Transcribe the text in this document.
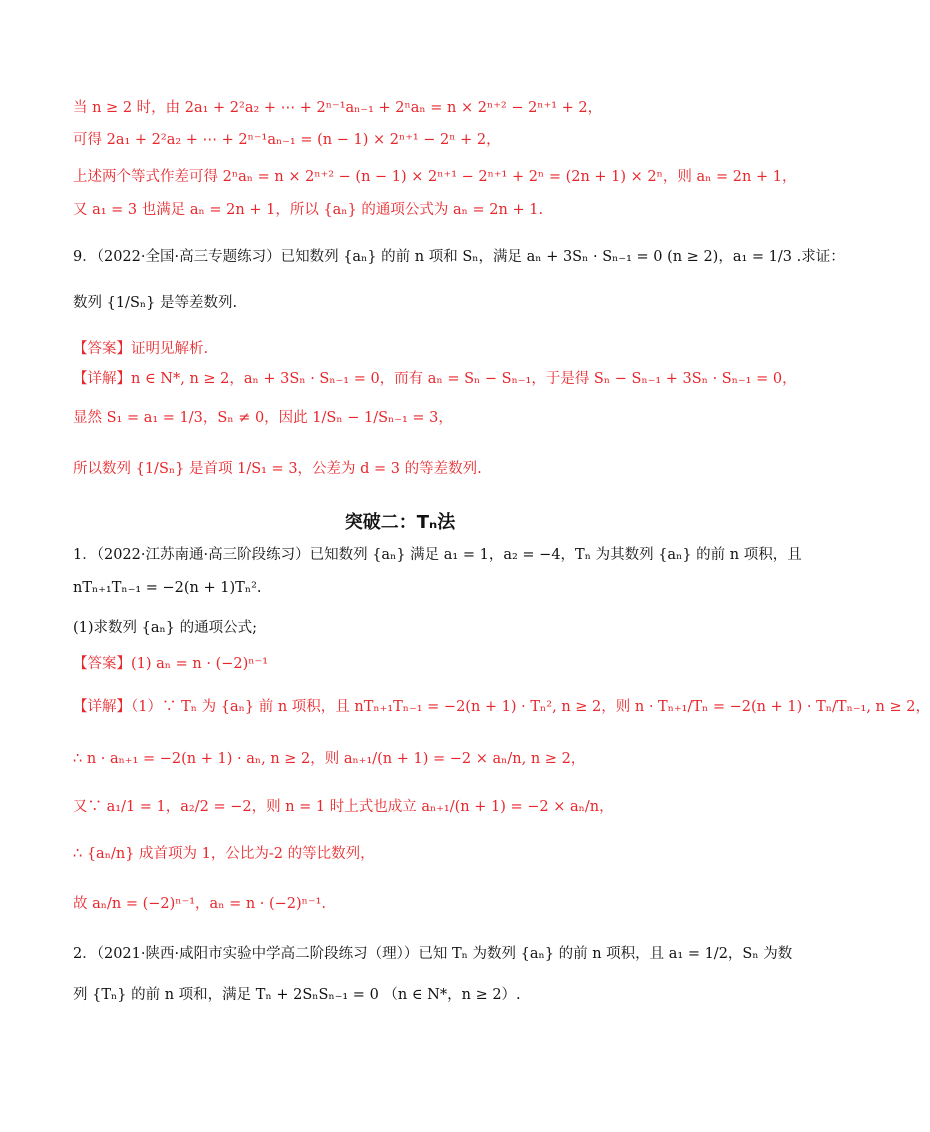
当 n ≥ 2 时，由 2a₁ + 2²a₂ + ⋯ + 2ⁿ⁻¹aₙ₋₁ + 2ⁿaₙ = n × 2ⁿ⁺² − 2ⁿ⁺¹ + 2，
可得 2a₁ + 2²a₂ + ⋯ + 2ⁿ⁻¹aₙ₋₁ = (n − 1) × 2ⁿ⁺¹ − 2ⁿ + 2，
上述两个等式作差可得 2ⁿaₙ = n × 2ⁿ⁺² − (n − 1) × 2ⁿ⁺¹ − 2ⁿ⁺¹ + 2ⁿ = (2n + 1) × 2ⁿ，则 aₙ = 2n + 1，
又 a₁ = 3 也满足 aₙ = 2n + 1，所以 {aₙ} 的通项公式为 aₙ = 2n + 1.
9．（2022·全国·高三专题练习）已知数列 {aₙ} 的前 n 项和 Sₙ，满足 aₙ + 3Sₙ · Sₙ₋₁ = 0 (n ≥ 2)，a₁ = 1/3 .求证：
数列 {1/Sₙ} 是等差数列.
【答案】证明见解析.
【详解】n ∈ N*, n ≥ 2，aₙ + 3Sₙ · Sₙ₋₁ = 0，而有 aₙ = Sₙ − Sₙ₋₁，于是得 Sₙ − Sₙ₋₁ + 3Sₙ · Sₙ₋₁ = 0，
显然 S₁ = a₁ = 1/3，Sₙ ≠ 0，因此 1/Sₙ − 1/Sₙ₋₁ = 3，
所以数列 {1/Sₙ} 是首项 1/S₁ = 3，公差为 d = 3 的等差数列.
突破二：Tₙ法
1．（2022·江苏南通·高三阶段练习）已知数列 {aₙ} 满足 a₁ = 1，a₂ = −4，Tₙ 为其数列 {aₙ} 的前 n 项积，且
nTₙ₊₁Tₙ₋₁ = −2(n + 1)Tₙ².
(1)求数列 {aₙ} 的通项公式;
【答案】(1) aₙ = n · (−2)ⁿ⁻¹
【详解】（1）∵ Tₙ 为 {aₙ} 前 n 项积，且 nTₙ₊₁Tₙ₋₁ = −2(n + 1) · Tₙ², n ≥ 2，则 n · Tₙ₊₁/Tₙ = −2(n + 1) · Tₙ/Tₙ₋₁, n ≥ 2，
∴ n · aₙ₊₁ = −2(n + 1) · aₙ, n ≥ 2，则 aₙ₊₁/(n + 1) = −2 × aₙ/n, n ≥ 2，
又∵ a₁/1 = 1，a₂/2 = −2，则 n = 1 时上式也成立 aₙ₊₁/(n + 1) = −2 × aₙ/n，
∴ {aₙ/n} 成首项为 1，公比为-2 的等比数列，
故 aₙ/n = (−2)ⁿ⁻¹，aₙ = n · (−2)ⁿ⁻¹.
2．（2021·陕西·咸阳市实验中学高二阶段练习（理））已知 Tₙ 为数列 {aₙ} 的前 n 项积，且 a₁ = 1/2，Sₙ 为数
列 {Tₙ} 的前 n 项和，满足 Tₙ + 2SₙSₙ₋₁ = 0 （n ∈ N*，n ≥ 2）.
